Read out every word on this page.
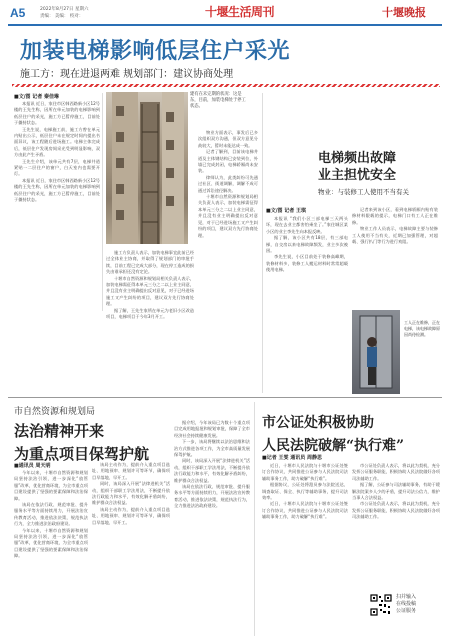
A5	2022年8月27日 星期六
责编： 美编： 校对：	十堰生活周刊	十堰晚报
加装电梯影响低层住户采光
施工方：现在进退两难 规划部门：建议协商处理
■文/图 记者 秦佳琳

本报讯 近日，家住市区韩西路新小区12号楼的王先生称，因所在单元加装的电梯影响到低层住户的采光，施工方已暂停施工，目前处于僵持状态。

王先生说，电梯施工前，施工方曾在单元内贴出公示，低层住户未在规定时间内提出书面异议，该工程随后进场施工。电梯主体完成后，低层住户发现房间采光受到明显影响，双方由此产生矛盾。

王先生介绍，该单元共有7层，电梯井道紧贴一二层住户的窗户，白天室内也需要开灯。

本报讯 近日，家住市区韩西路新小区12号楼的王先生称，因所在单元加装的电梯影响到低层住户的采光，施工方已暂停施工，目前处于僵持状态。

建有在未完期的状况：这是东，目前，加装电梯处于停工状态。

施工方负责人表示，加装电梯事宜此前已经过全体业主协商，并取得了规划部门的审批手续，目前工程已完成大部分，现在停工造成的损失由谁承担还没有定论。

十堰市自然资源和规划局相关负责人表示，加装电梯需征得本单元三分之二以上业主同意，并且没有业主明确提出反对意见，对于已经进场施工又产生纠纷的项目，建议双方先行协商处理。

据了解，王先生家所在单元为老旧小区改造项目，电梯项目于今年3月开工。

物业方面表示，事发后已多次组织双方沟通，但双方意见分歧较大，暂时未能达成一致。

记者了解到，目前该电梯井道及主体钢结构已安装到位，外墙已完成封闭，电梯轿厢尚未安装。

律师认为，此类纠纷可先通过社区、街道调解，调解不成可通过诉讼途径解决。

十堰市自然资源和规划局相关负责人表示，加装电梯需征得本单元三分之二以上业主同意，并且没有业主明确提出反对意见，对于已经进场施工又产生纠纷的项目，建议双方先行协商处理。

电梯频出故障
业主担忧安全
物业：与装修工人使用不当有关
■文/图 记者 王琪

本报讯 “我们小区三部电梯三天两头坏，现在去业主都害怕乘坐了。”家住城区某小区的业主李先生向本报反映。

据了解，该小区共有18层，有三部电梯，自交房以来电梯故障频发，业主多次被困。

李先生说，小区目前处于装修高峰期，装修材料多，装修工人搬运材料时常常超载使用电梯。

记者来到该小区，看到电梯轿厢内贴有装修材料限载的提示，电梯门口有工人正在维修。

物业工作人员表示，电梯故障主要与装修工人使用不当有关，近期已加强管理，对超载、强行扒门等行为进行劝阻。

工人正在维修，正在电梯，该电梯故障原因尚待检测。
市自然资源和规划局
法治精神开来
为重点项目保驾护航
■通讯员 周天明

今年以来，十堰市自然资源和规划局坚持法治引领，进一步深化“放管服”改革，优化营商环境，为全市重点项目建设提供了坚强的要素保障和法治保障。

该局在依法行政、规范审批、提升服务水平等方面持续用力，开展法治宣传教育活动，推进依法决策，规范执法行为，全力推进法治政府建设。

今年以来，十堰市自然资源和规划局坚持法治引领，进一步深化“放管服”改革，优化营商环境，为全市重点项目建设提供了坚强的要素保障和法治保障。

该局主动作为，提前介入重点项目选址、用地预审、规划许可等环节，确保项目早落地、早开工。

同时，该局深入开展“法律进机关”活动，组织干部职工学法用法，不断提升依法行政能力和水平，有效化解矛盾纠纷，维护群众合法权益。

该局主动作为，提前介入重点项目选址、用地预审、规划许可等环节，确保项目早落地、早开工。

据介绍，今年该局已为数十个重点项目完成用地报批和规划审批，保障了全市经济社会持续健康发展。

下一步，该局将继续以法治思维和法治方式推进各项工作，为全市高质量发展保驾护航。

同时，该局深入开展“法律进机关”活动，组织干部职工学法用法，不断提升依法行政能力和水平，有效化解矛盾纠纷，维护群众合法权益。

该局在依法行政、规范审批、提升服务水平等方面持续用力，开展法治宣传教育活动，推进依法决策，规范执法行为，全力推进法治政府建设。

市公证处积极协助
人民法院破解“执行难”
■记者 王雯 通讯员 周静思

近日，十堰市人民法院与十堰市公证处签订合作协议，共同推进公证参与人民法院司法辅助事务工作，助力破解“执行难”。

根据协议，公证处将派员参与法院送达、调查取证、保全、执行等辅助事务，提升司法效率。

近日，十堰市人民法院与十堰市公证处签订合作协议，共同推进公证参与人民法院司法辅助事务工作，助力破解“执行难”。

市公证处负责人表示，将以此为契机，充分发挥公证服务职能，积极协助人民法院做好各项司法辅助工作。

据了解，公证参与司法辅助事务，有助于缓解法院案多人少的矛盾，提升司法公信力，维护当事人合法权益。

市公证处负责人表示，将以此为契机，充分发挥公证服务职能，积极协助人民法院做好各项司法辅助工作。

扫并输入
在线投稿
公证服务
